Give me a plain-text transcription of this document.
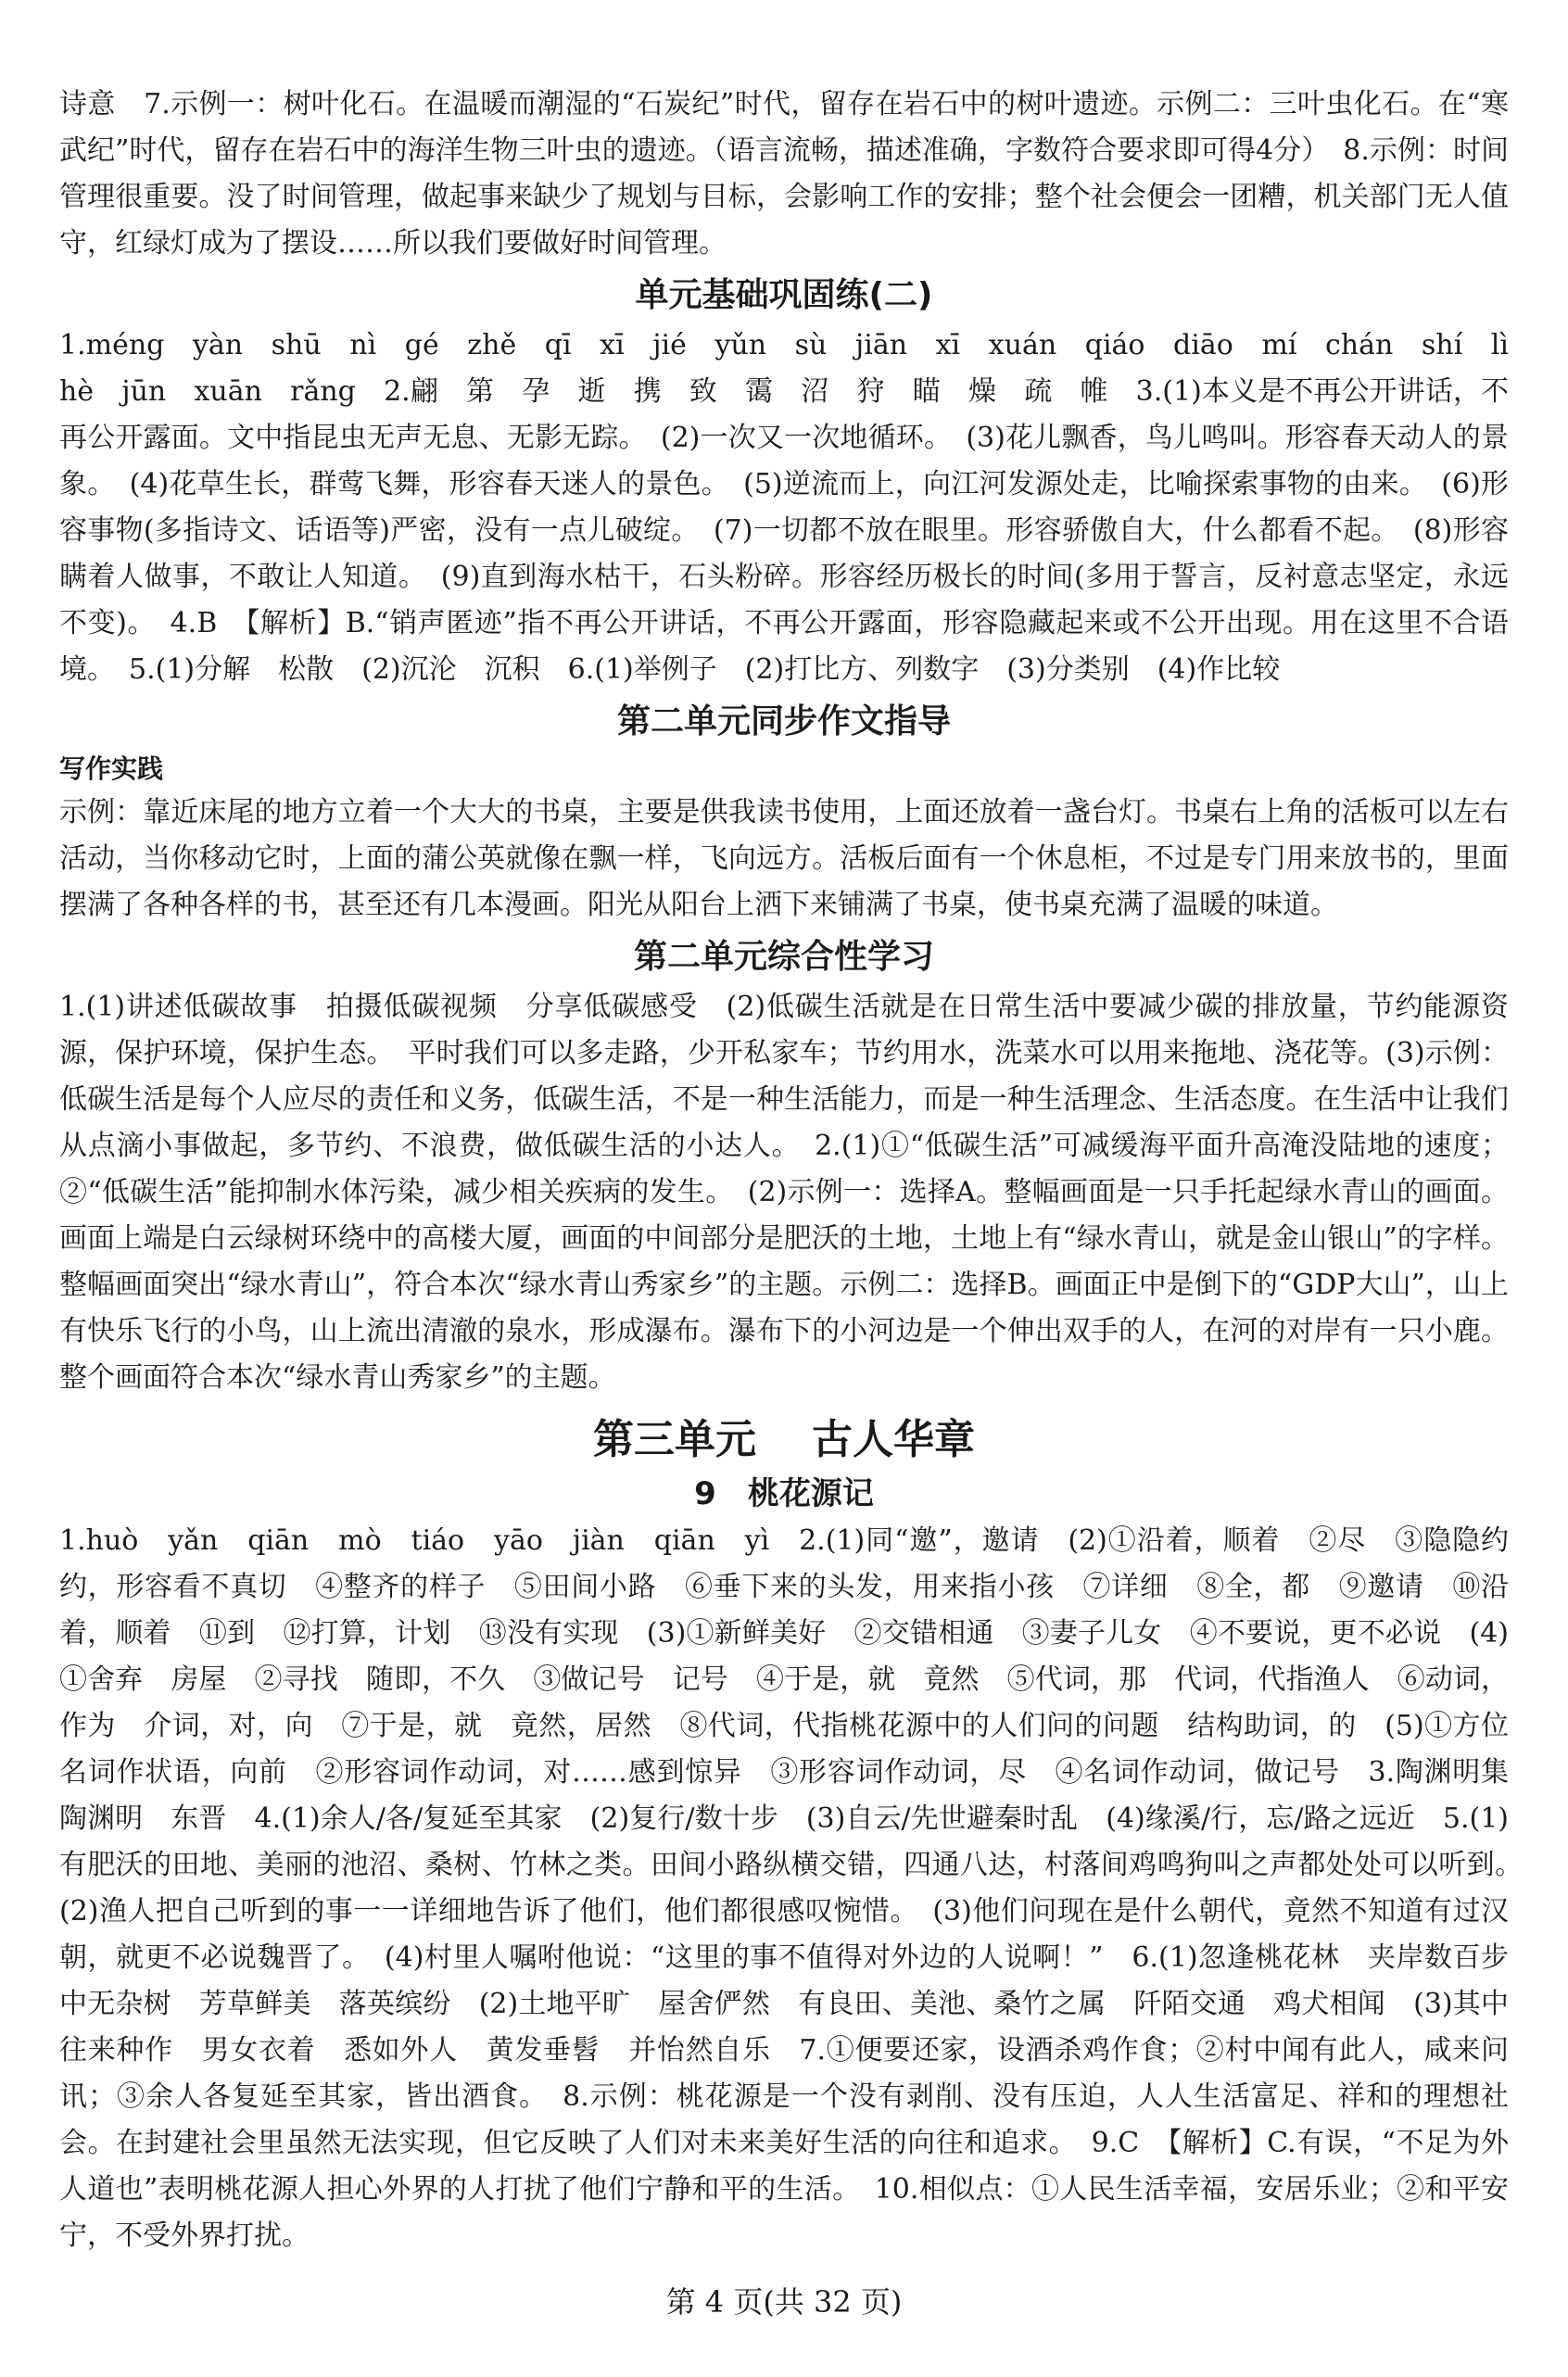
诗意　7.示例一：树叶化石。在温暖而潮湿的“石炭纪”时代，留存在岩石中的树叶遗迹。示例二：三叶虫化石。在“寒武纪”时代，留存在岩石中的海洋生物三叶虫的遗迹。（语言流畅，描述准确，字数符合要求即可得4分）　8.示例：时间管理很重要。没了时间管理，做起事来缺少了规划与目标，会影响工作的安排；整个社会便会一团糟，机关部门无人值守，红绿灯成为了摆设……所以我们要做好时间管理。

单元基础巩固练(二)

1.méng　yàn　shū　nì　gé　zhě　qī　xī　jié　yǔn　sù　jiān　xī　xuán　qiáo　diāo　mí　chán　shí　lì　hè　jūn　xuān　rǎng　2.翩　第　孕　逝　携　致　霭　沼　狩　瞄　燥　疏　帷　3.(1)本义是不再公开讲话，不再公开露面。文中指昆虫无声无息、无影无踪。　(2)一次又一次地循环。　(3)花儿飘香，鸟儿鸣叫。形容春天动人的景象。　(4)花草生长，群莺飞舞，形容春天迷人的景色。　(5)逆流而上，向江河发源处走，比喻探索事物的由来。　(6)形容事物(多指诗文、话语等)严密，没有一点儿破绽。　(7)一切都不放在眼里。形容骄傲自大，什么都看不起。　(8)形容瞒着人做事，不敢让人知道。　(9)直到海水枯干，石头粉碎。形容经历极长的时间(多用于誓言，反衬意志坚定，永远不变)。　4.B　【解析】B.“销声匿迹”指不再公开讲话，不再公开露面，形容隐藏起来或不公开出现。用在这里不合语境。　5.(1)分解　松散　(2)沉沦　沉积　6.(1)举例子　(2)打比方、列数字　(3)分类别　(4)作比较

第二单元同步作文指导
写作实践

示例：靠近床尾的地方立着一个大大的书桌，主要是供我读书使用，上面还放着一盏台灯。书桌右上角的活板可以左右活动，当你移动它时，上面的蒲公英就像在飘一样，飞向远方。活板后面有一个休息柜，不过是专门用来放书的，里面摆满了各种各样的书，甚至还有几本漫画。阳光从阳台上洒下来铺满了书桌，使书桌充满了温暖的味道。

第二单元综合性学习

1.(1)讲述低碳故事　拍摄低碳视频　分享低碳感受　(2)低碳生活就是在日常生活中要减少碳的排放量，节约能源资源，保护环境，保护生态。　平时我们可以多走路，少开私家车；节约用水，洗菜水可以用来拖地、浇花等。(3)示例：低碳生活是每个人应尽的责任和义务，低碳生活，不是一种生活能力，而是一种生活理念、生活态度。在生活中让我们从点滴小事做起，多节约、不浪费，做低碳生活的小达人。　2.(1)①“低碳生活”可减缓海平面升高淹没陆地的速度；②“低碳生活”能抑制水体污染，减少相关疾病的发生。　(2)示例一：选择A。整幅画面是一只手托起绿水青山的画面。画面上端是白云绿树环绕中的高楼大厦，画面的中间部分是肥沃的土地，土地上有“绿水青山，就是金山银山”的字样。整幅画面突出“绿水青山”，符合本次“绿水青山秀家乡”的主题。示例二：选择B。画面正中是倒下的“GDP大山”，山上有快乐飞行的小鸟，山上流出清澈的泉水，形成瀑布。瀑布下的小河边是一个伸出双手的人，在河的对岸有一只小鹿。整个画面符合本次“绿水青山秀家乡”的主题。

第三单元 古人华章
9　桃花源记

1.huò　yǎn　qiān　mò　tiáo　yāo　jiàn　qiān　yì　2.(1)同“邀”，邀请　(2)①沿着，顺着　②尽　③隐隐约约，形容看不真切　④整齐的样子　⑤田间小路　⑥垂下来的头发，用来指小孩　⑦详细　⑧全，都　⑨邀请　⑩沿着，顺着　⑪到　⑫打算，计划　⑬没有实现　(3)①新鲜美好　②交错相通　③妻子儿女　④不要说，更不必说　(4)①舍弃　房屋　②寻找　随即，不久　③做记号　记号　④于是，就　竟然　⑤代词，那　代词，代指渔人　⑥动词，作为　介词，对，向　⑦于是，就　竟然，居然　⑧代词，代指桃花源中的人们问的问题　结构助词，的　(5)①方位名词作状语，向前　②形容词作动词，对……感到惊异　③形容词作动词，尽　④名词作动词，做记号　3.陶渊明集　陶渊明　东晋　4.(1)余人/各/复延至其家　(2)复行/数十步　(3)自云/先世避秦时乱　(4)缘溪/行，忘/路之远近　5.(1)有肥沃的田地、美丽的池沼、桑树、竹林之类。田间小路纵横交错，四通八达，村落间鸡鸣狗叫之声都处处可以听到。　(2)渔人把自己听到的事一一详细地告诉了他们，他们都很感叹惋惜。　(3)他们问现在是什么朝代，竟然不知道有过汉朝，就更不必说魏晋了。　(4)村里人嘱咐他说：“这里的事不值得对外边的人说啊！”　6.(1)忽逢桃花林　夹岸数百步　中无杂树　芳草鲜美　落英缤纷　(2)土地平旷　屋舍俨然　有良田、美池、桑竹之属　阡陌交通　鸡犬相闻　(3)其中往来种作　男女衣着　悉如外人　黄发垂髫　并怡然自乐　7.①便要还家，设酒杀鸡作食；②村中闻有此人，咸来问讯；③余人各复延至其家，皆出酒食。　8.示例：桃花源是一个没有剥削、没有压迫，人人生活富足、祥和的理想社会。在封建社会里虽然无法实现，但它反映了人们对未来美好生活的向往和追求。　9.C　【解析】C.有误，“不足为外人道也”表明桃花源人担心外界的人打扰了他们宁静和平的生活。　10.相似点：①人民生活幸福，安居乐业；②和平安宁，不受外界打扰。

第 4 页(共 32 页)
